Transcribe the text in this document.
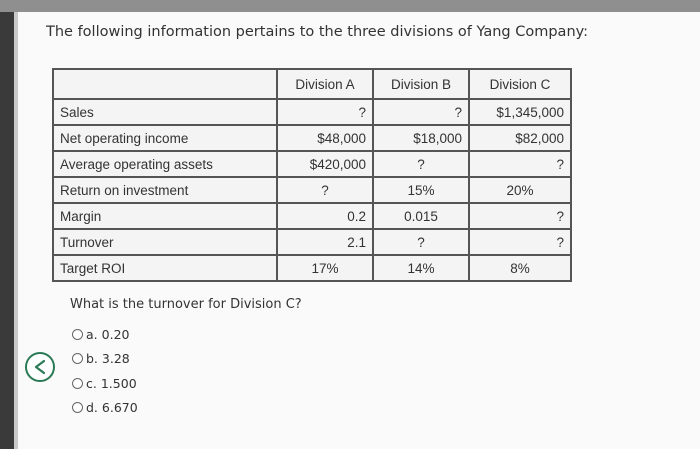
The following information pertains to the three divisions of Yang Company:
	Division A	Division B	Division C
Sales	?	?	$1,345,000
Net operating income	$48,000	$18,000	$82,000
Average operating assets	$420,000	?	?
Return on investment	?	15%	20%
Margin	0.2	0.015	?
Turnover	2.1	?	?
Target ROI	17%	14%	8%
What is the turnover for Division C?
a. 0.20
b. 3.28
c. 1.500
d. 6.670
